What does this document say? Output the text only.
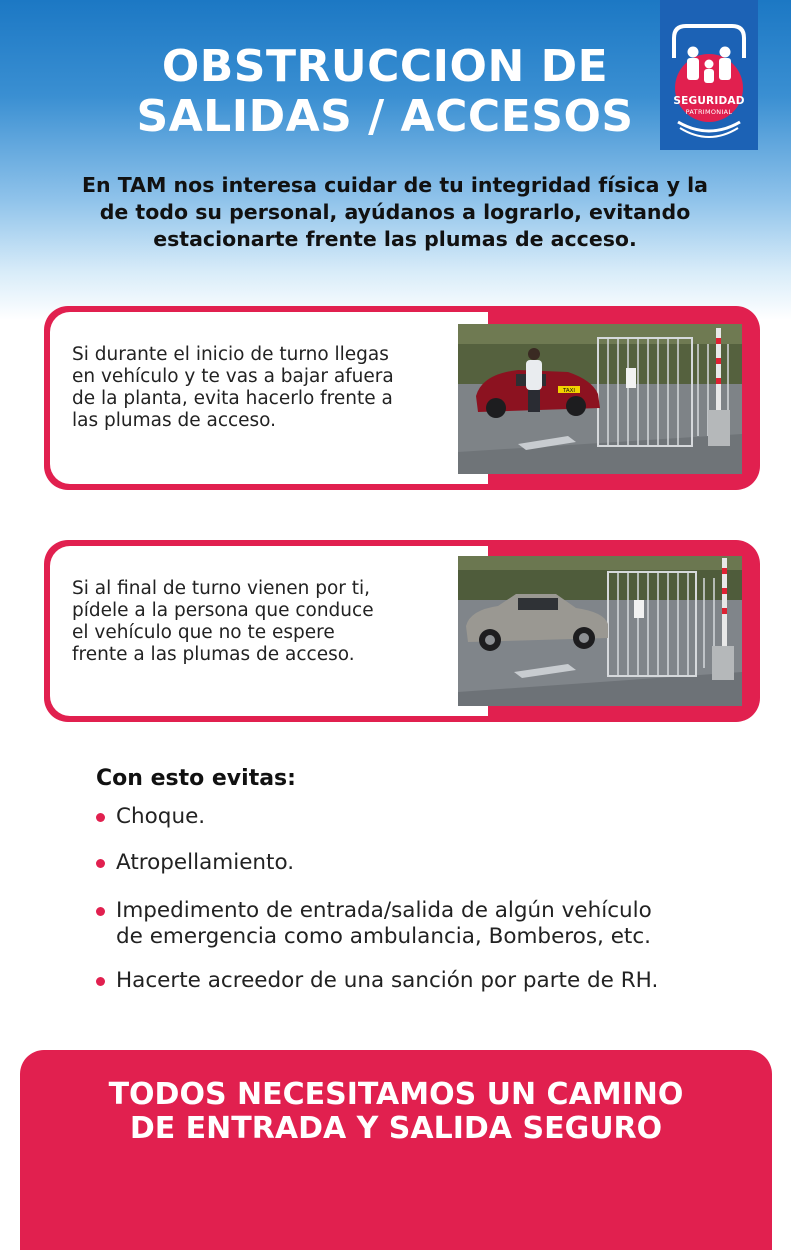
OBSTRUCCION DE
SALIDAS / ACCESOS	SEGURIDAD
PATRIMONIAL
En TAM nos interesa cuidar de tu integridad física y la
de todo su personal, ayúdanos a lograrlo, evitando
estacionarte frente las plumas de acceso.
Si durante el inicio de turno llegas
en vehículo y te vas a bajar afuera
de la planta, evita hacerlo frente a
las plumas de acceso.
TAXI
Si al final de turno vienen por ti,
pídele a la persona que conduce
el vehículo que no te espere
frente a las plumas de acceso.
Con esto evitas:
Choque.
Atropellamiento.
Impedimento de entrada/salida de algún vehículo
de emergencia como ambulancia, Bomberos, etc.
Hacerte acreedor de una sanción por parte de RH.
TODOS NECESITAMOS UN CAMINO
DE ENTRADA Y SALIDA SEGURO
